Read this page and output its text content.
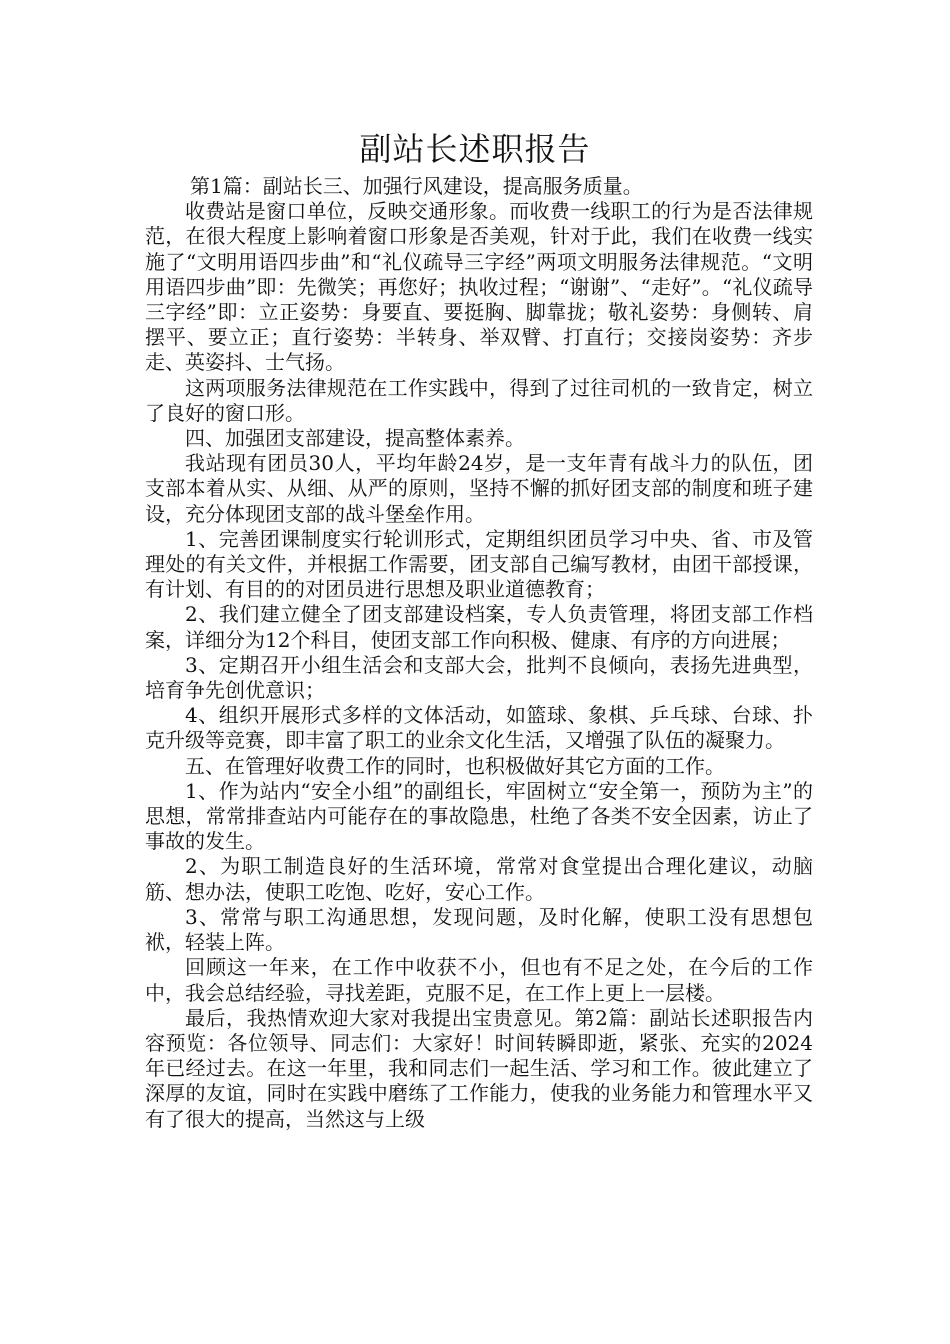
副站长述职报告

第1篇：副站长三、加强行风建设，提高服务质量。

收费站是窗口单位，反映交通形象。而收费一线职工的行为是否法律规范，在很大程度上影响着窗口形象是否美观，针对于此，我们在收费一线实施了“文明用语四步曲”和“礼仪疏导三字经”两项文明服务法律规范。“文明用语四步曲”即：先微笑；再您好；执收过程；“谢谢”、“走好”。“礼仪疏导三字经”即：立正姿势：身要直、要挺胸、脚靠拢；敬礼姿势：身侧转、肩摆平、要立正；直行姿势：半转身、举双臂、打直行；交接岗姿势：齐步走、英姿抖、士气扬。

这两项服务法律规范在工作实践中，得到了过往司机的一致肯定，树立了良好的窗口形。

四、加强团支部建设，提高整体素养。

我站现有团员30人，平均年龄24岁，是一支年青有战斗力的队伍，团支部本着从实、从细、从严的原则，坚持不懈的抓好团支部的制度和班子建设，充分体现团支部的战斗堡垒作用。

1、完善团课制度实行轮训形式，定期组织团员学习中央、省、市及管理处的有关文件，并根据工作需要，团支部自己编写教材，由团干部授课，有计划、有目的的对团员进行思想及职业道德教育；

2、我们建立健全了团支部建设档案，专人负责管理，将团支部工作档案，详细分为12个科目，使团支部工作向积极、健康、有序的方向进展；

3、定期召开小组生活会和支部大会，批判不良倾向，表扬先进典型，培育争先创优意识；

4、组织开展形式多样的文体活动，如篮球、象棋、乒乓球、台球、扑克升级等竞赛，即丰富了职工的业余文化生活，又增强了队伍的凝聚力。

五、在管理好收费工作的同时，也积极做好其它方面的工作。

1、作为站内“安全小组”的副组长，牢固树立“安全第一，预防为主”的思想，常常排查站内可能存在的事故隐患，杜绝了各类不安全因素，访止了事故的发生。

2、为职工制造良好的生活环境，常常对食堂提出合理化建议，动脑筋、想办法，使职工吃饱、吃好，安心工作。

3、常常与职工沟通思想，发现问题，及时化解，使职工没有思想包袱，轻装上阵。

回顾这一年来，在工作中收获不小，但也有不足之处，在今后的工作中，我会总结经验，寻找差距，克服不足，在工作上更上一层楼。

最后，我热情欢迎大家对我提出宝贵意见。第2篇：副站长述职报告内容预览：各位领导、同志们：大家好！时间转瞬即逝，紧张、充实的2024年已经过去。在这一年里，我和同志们一起生活、学习和工作。彼此建立了深厚的友谊，同时在实践中磨练了工作能力，使我的业务能力和管理水平又有了很大的提高，当然这与上级
